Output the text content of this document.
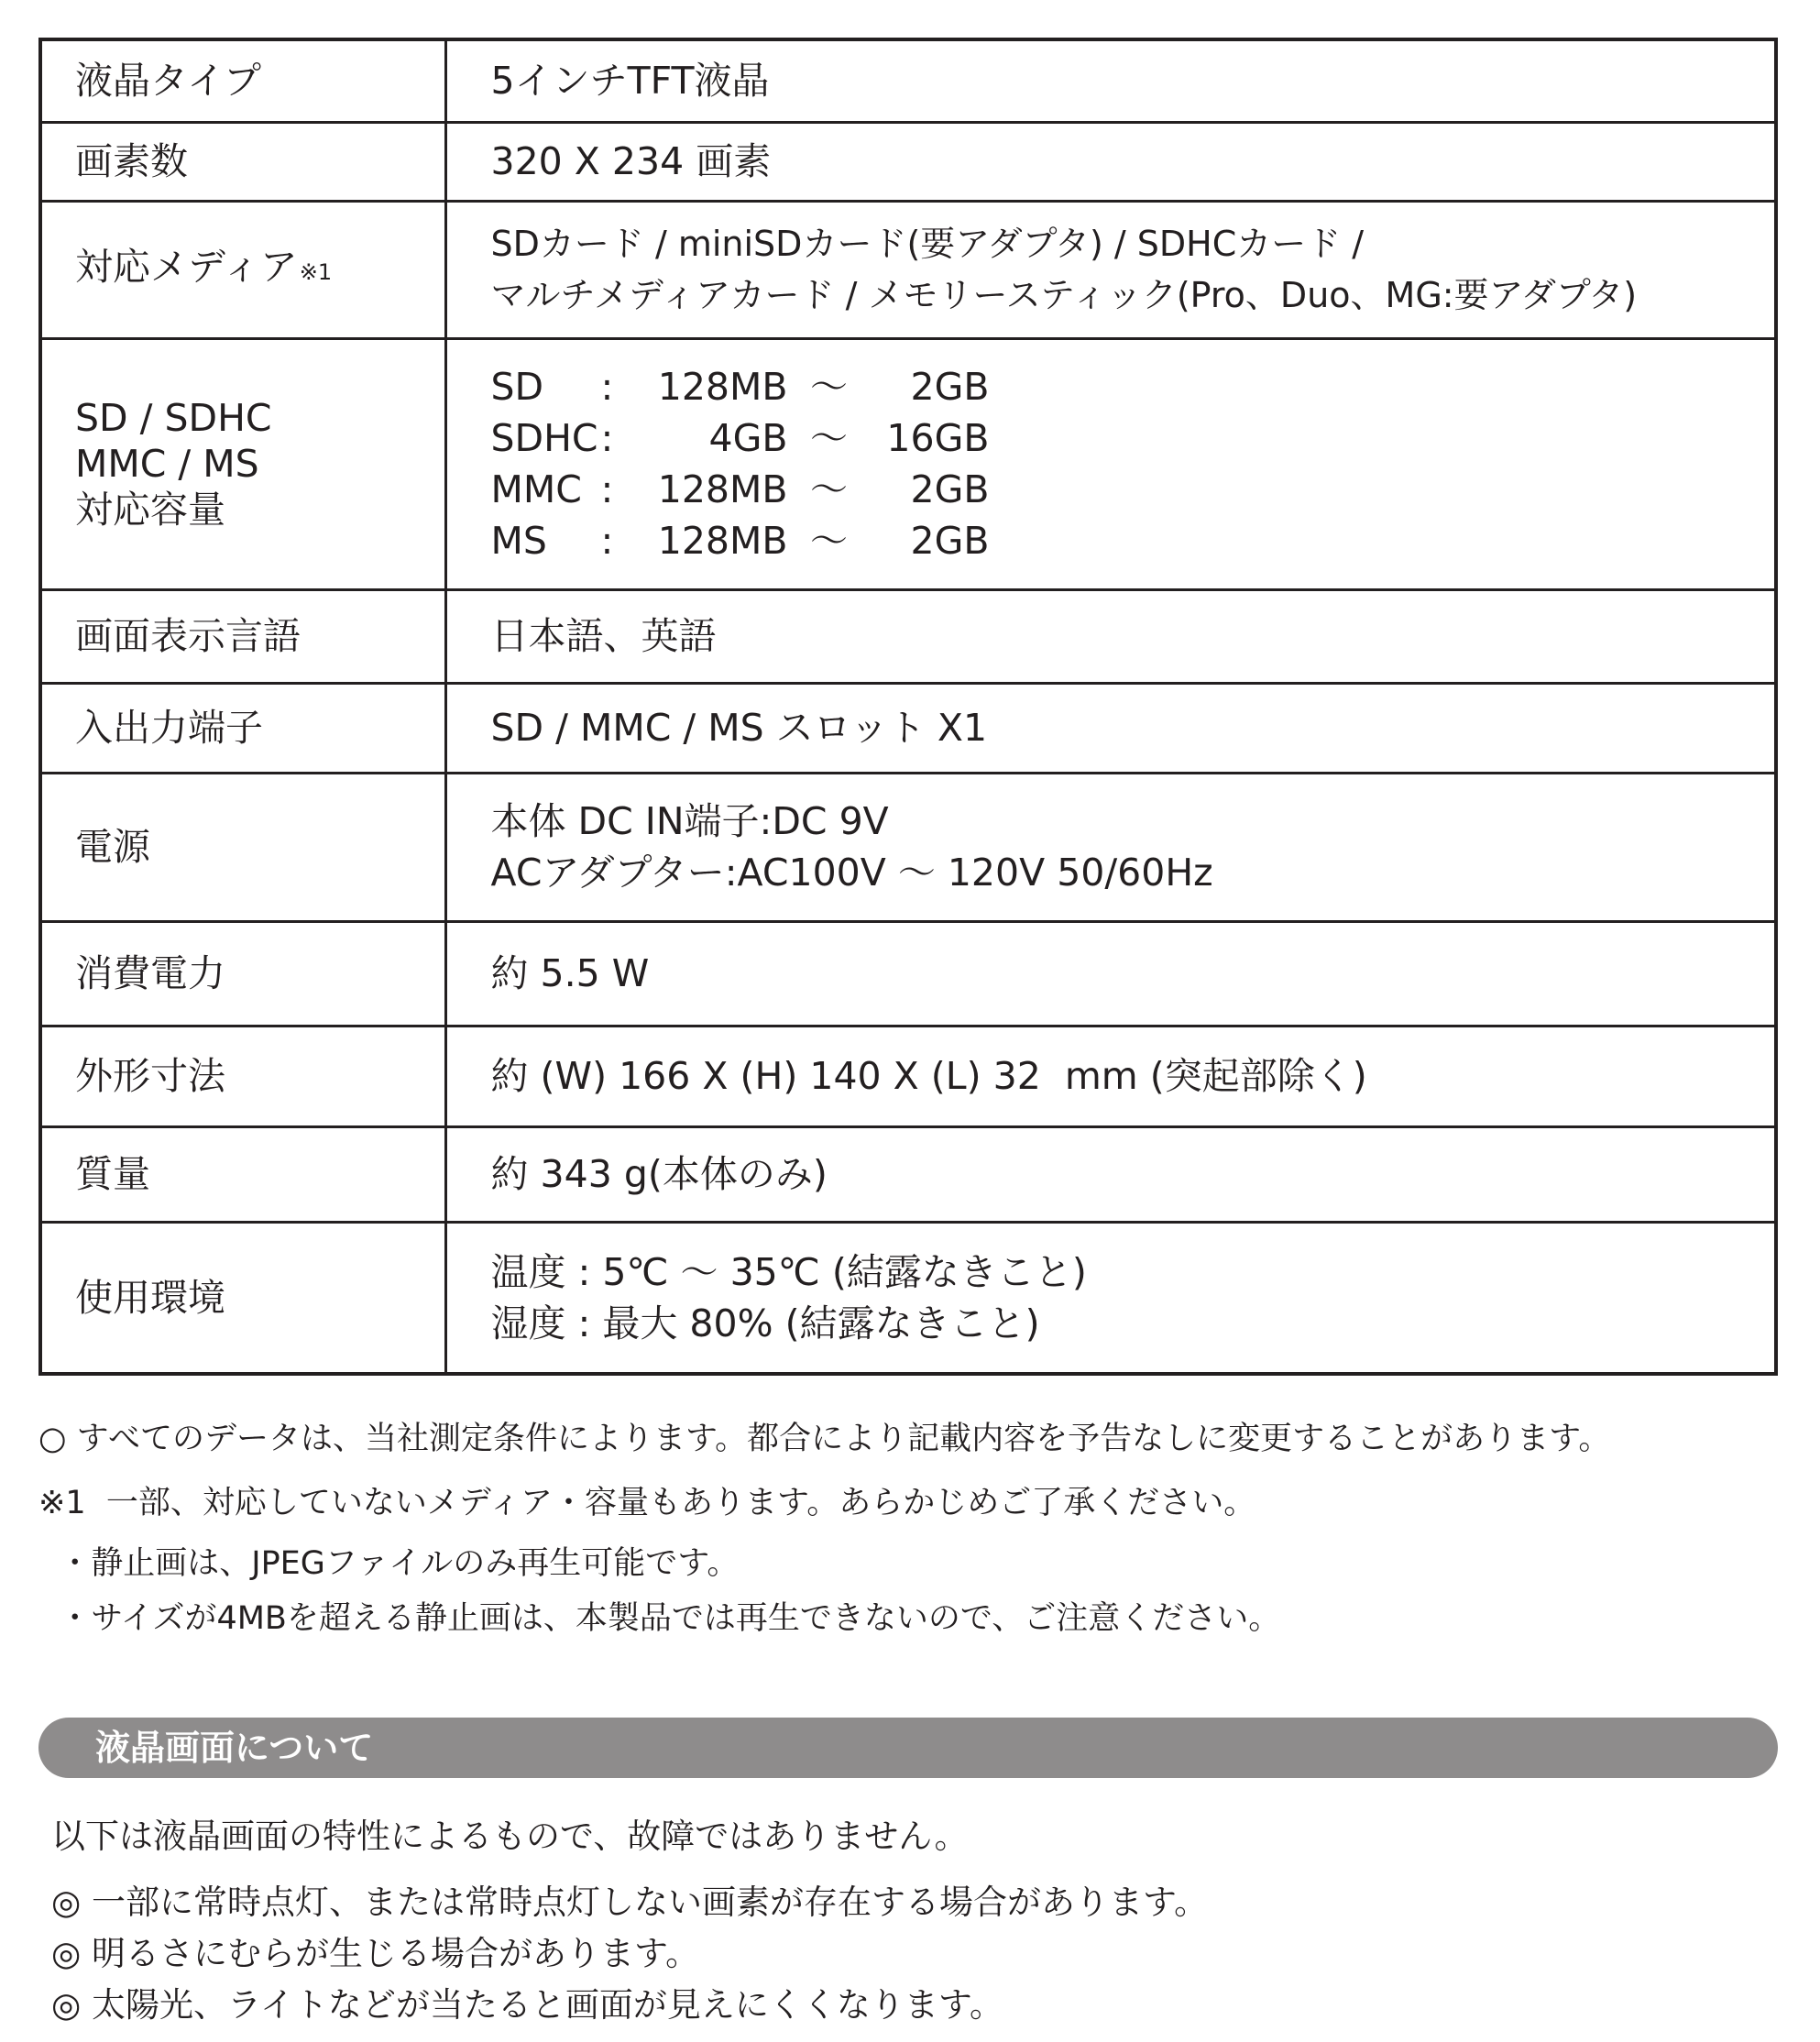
液晶タイプ	5インチTFT液晶

画素数	320 X 234 画素

対応メディア※1	SDカード / miniSDカード(要アダプタ) / SDHCカード /
マルチメディアカード / メモリースティック(Pro、Duo、MG:要アダプタ)

SD / SDHC
MMC / MS
対応容量	SD : 128MB 〜 2GB
SDHC: 4GB 〜 16GB
MMC : 128MB 〜 2GB
MS : 128MB 〜 2GB

画面表示言語	日本語、英語

入出力端子	SD / MMC / MS スロット X1

電源	本体 DC IN端子:DC 9V
ACアダプター:AC100V 〜 120V 50/60Hz

消費電力	約 5.5 W

外形寸法	約 (W) 166 X (H) 140 X (L) 32  mm (突起部除く)

質量	約 343 g(本体のみ)

使用環境	温度 : 5℃ 〜 35℃ (結露なきこと)
湿度 : 最大 80% (結露なきこと)
○ すべてのデータは、当社測定条件によります。都合により記載内容を予告なしに変更することがあります。
※1  一部、対応していないメディア・容量もあります。あらかじめご了承ください。
・静止画は、JPEGファイルのみ再生可能です。
・サイズが4MBを超える静止画は、本製品では再生できないので、ご注意ください。
液晶画面について
以下は液晶画面の特性によるもので、故障ではありません。
◎ 一部に常時点灯、または常時点灯しない画素が存在する場合があります。
◎ 明るさにむらが生じる場合があります。
◎ 太陽光、ライトなどが当たると画面が見えにくくなります。
